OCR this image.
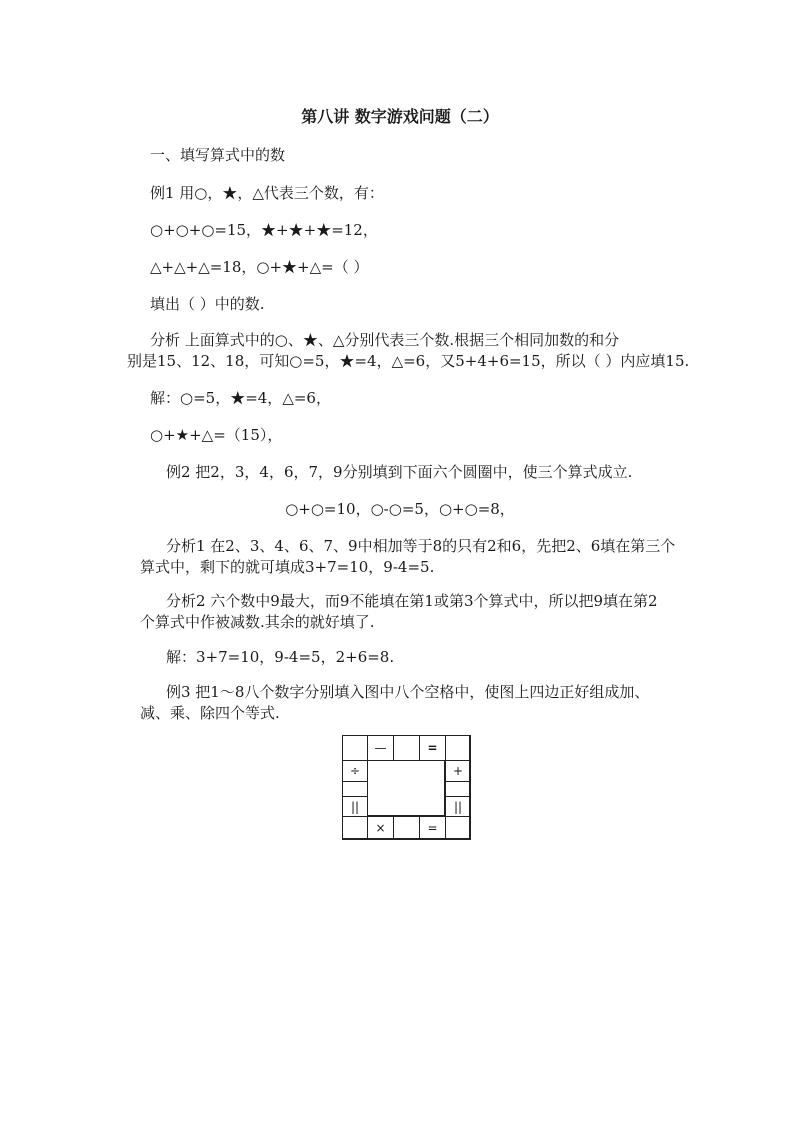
第八讲 数字游戏问题（二）
一、填写算式中的数
例1 用○，★，△代表三个数，有：
○+○+○=15，★+★+★=12，
△+△+△=18，○+★+△=（ ）
填出（ ）中的数.
分析 上面算式中的○、★、△分别代表三个数.根据三个相同加数的和分
别是15、12、18，可知○=5，★=4，△=6，又5+4+6=15，所以（ ）内应填15.
解：○=5，★=4，△=6，
○+★+△=（15），
例2 把2，3，4，6，7，9分别填到下面六个圆圈中，使三个算式成立.
○+○=10，○-○=5，○+○=8，
分析1 在2、3、4、6、7、9中相加等于8的只有2和6，先把2、6填在第三个
算式中，剩下的就可填成3+7=10，9-4=5.
分析2 六个数中9最大，而9不能填在第1或第3个算式中，所以把9填在第2
个算式中作被减数.其余的就好填了.
解：3+7=10，9-4=5，2+6=8.
例3 把1～8八个数字分别填入图中八个空格中，使图上四边正好组成加、
减、乘、除四个等式.
—	=
÷
||
+
||
×	=
